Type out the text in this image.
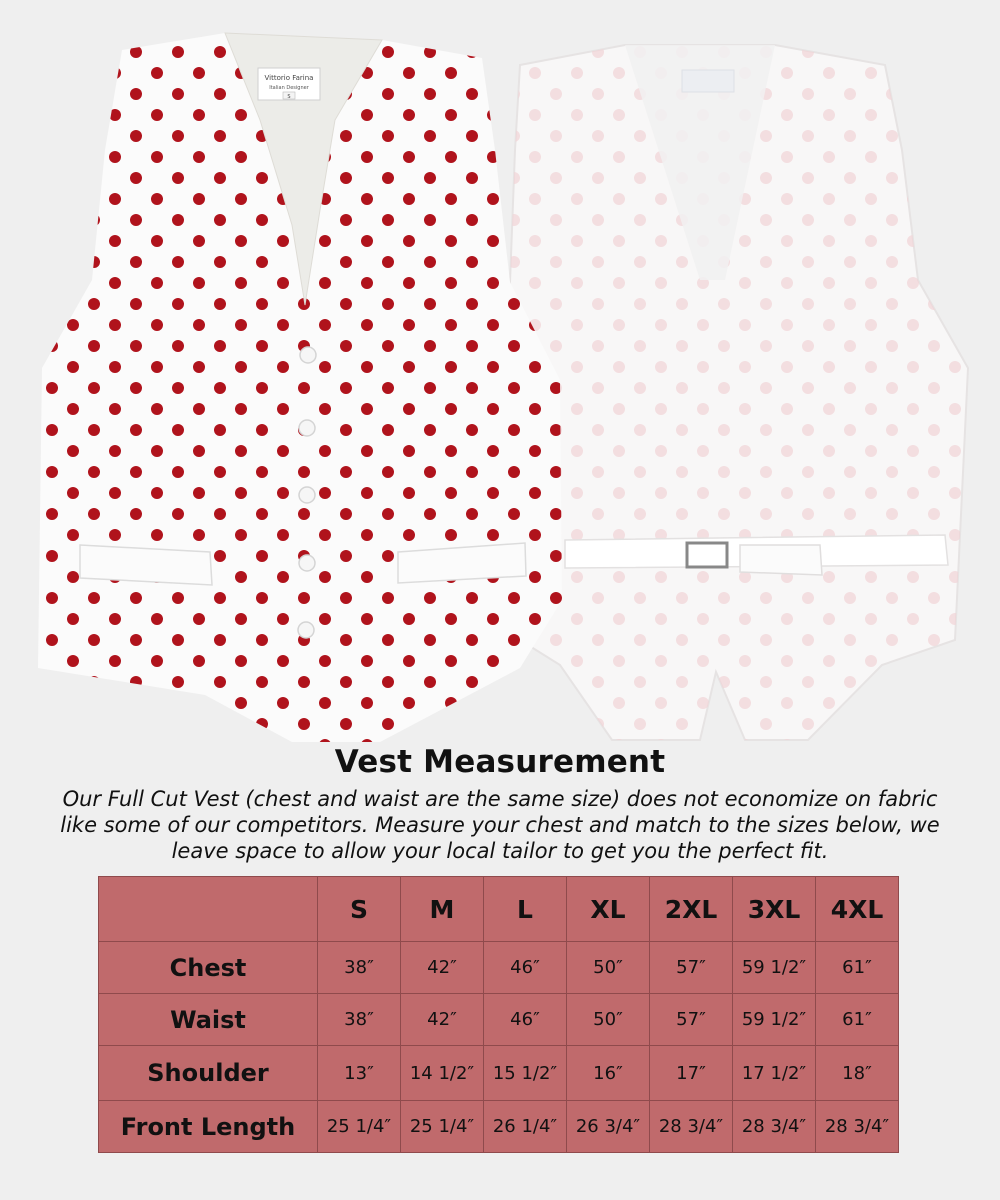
Vittorio Farina
Italian Designer
S
Vest Measurement
Our Full Cut Vest (chest and waist are the same size) does not economize on fabric
like some of our competitors. Measure your chest and match to the sizes below, we
leave space to allow your local tailor to get you the perfect fit.
	S	M	L	XL	2XL	3XL	4XL
Chest	38″	42″	46″	50″	57″	59 1/2″	61″
Waist	38″	42″	46″	50″	57″	59 1/2″	61″
Shoulder	13″	14 1/2″	15 1/2″	16″	17″	17 1/2″	18″
Front Length	25 1/4″	25 1/4″	26 1/4″	26 3/4″	28 3/4″	28 3/4″	28 3/4″
